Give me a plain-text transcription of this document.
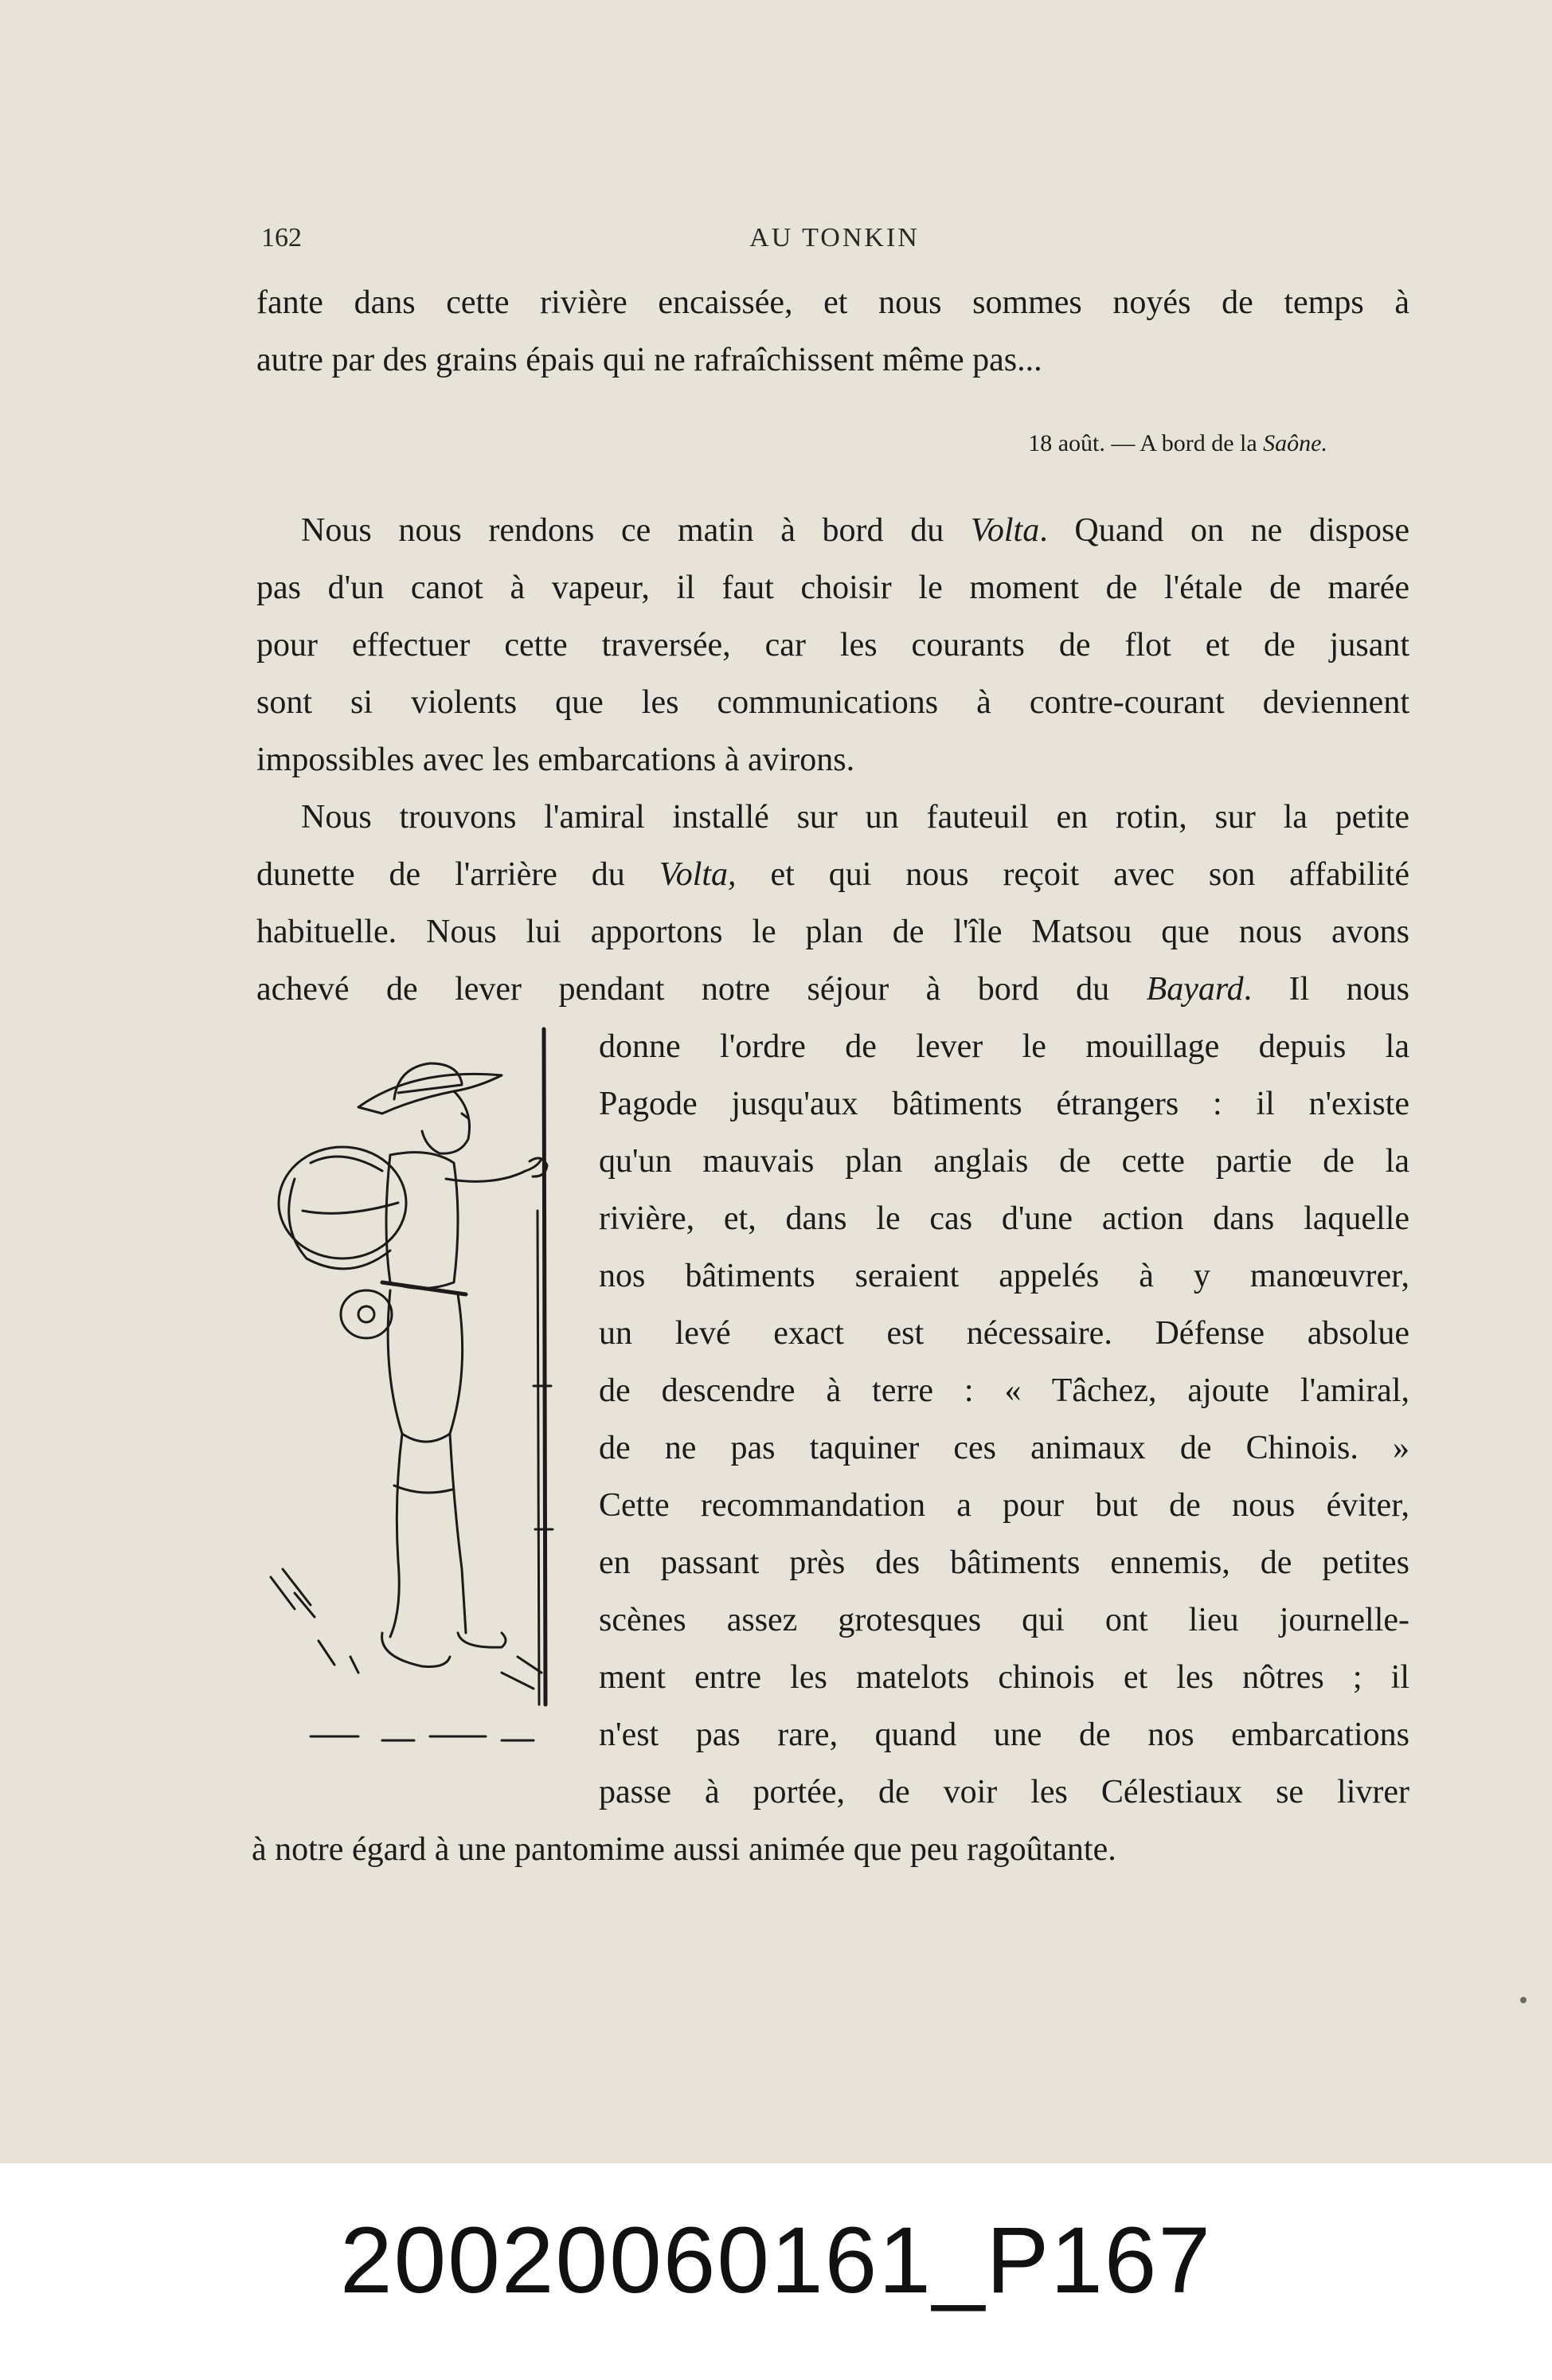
162	AU TONKIN
fante dans cette rivière encaissée, et nous sommes noyés de temps à
autre par des grains épais qui ne rafraîchissent même pas...
18 août. — A bord de la Saône.
Nous nous rendons ce matin à bord du Volta. Quand on ne dispose
pas d'un canot à vapeur, il faut choisir le moment de l'étale de marée
pour effectuer cette traversée, car les courants de flot et de jusant
sont si violents que les communications à contre-courant deviennent
impossibles avec les embarcations à avirons.
Nous trouvons l'amiral installé sur un fauteuil en rotin, sur la petite
dunette de l'arrière du Volta, et qui nous reçoit avec son affabilité
habituelle. Nous lui apportons le plan de l'île Matsou que nous avons
achevé de lever pendant notre séjour à bord du Bayard. Il nous
donne l'ordre de lever le mouillage depuis la
Pagode jusqu'aux bâtiments étrangers : il n'existe
qu'un mauvais plan anglais de cette partie de la
rivière, et, dans le cas d'une action dans laquelle
nos bâtiments seraient appelés à y manœuvrer,
un levé exact est nécessaire. Défense absolue
de descendre à terre : « Tâchez, ajoute l'amiral,
de ne pas taquiner ces animaux de Chinois. »
Cette recommandation a pour but de nous éviter,
en passant près des bâtiments ennemis, de petites
scènes assez grotesques qui ont lieu journelle-
ment entre les matelots chinois et les nôtres ; il
n'est pas rare, quand une de nos embarcations
passe à portée, de voir les Célestiaux se livrer
à notre égard à une pantomime aussi animée que peu ragoûtante.
20020060161_P167
